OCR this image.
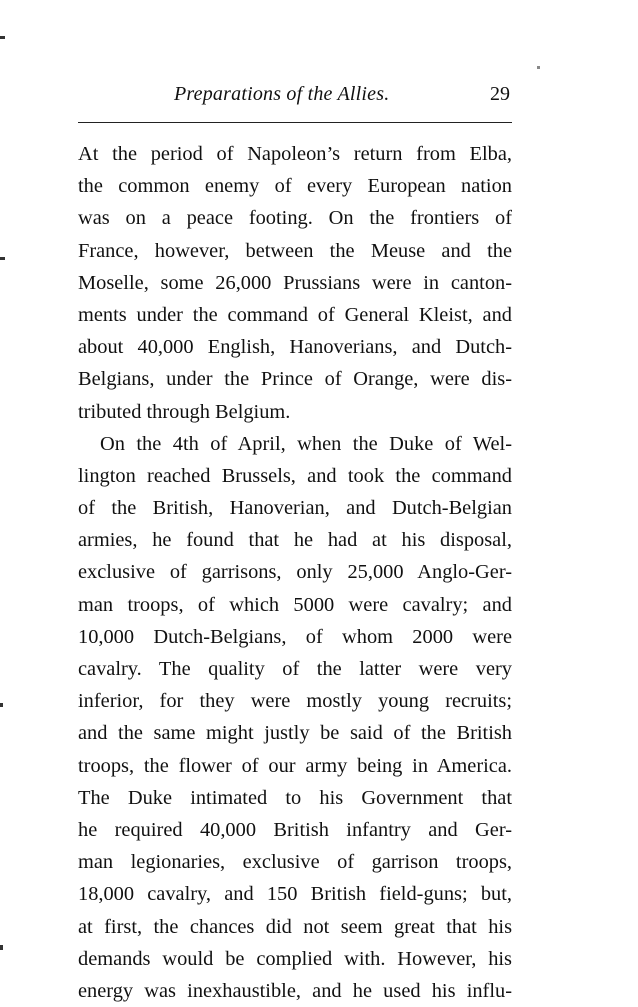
Preparations of the Allies.	29
At the period of Napoleon’s return from Elba,
the common enemy of every European nation
was on a peace footing. On the frontiers of
France, however, between the Meuse and the
Moselle, some 26,000 Prussians were in canton-
ments under the command of General Kleist, and
about 40,000 English, Hanoverians, and Dutch-
Belgians, under the Prince of Orange, were dis-
tributed through Belgium.
On the 4th of April, when the Duke of Wel-
lington reached Brussels, and took the command
of the British, Hanoverian, and Dutch-Belgian
armies, he found that he had at his disposal,
exclusive of garrisons, only 25,000 Anglo-Ger-
man troops, of which 5000 were cavalry; and
10,000 Dutch-Belgians, of whom 2000 were
cavalry. The quality of the latter were very
inferior, for they were mostly young recruits;
and the same might justly be said of the British
troops, the flower of our army being in America.
The Duke intimated to his Government that
he required 40,000 British infantry and Ger-
man legionaries, exclusive of garrison troops,
18,000 cavalry, and 150 British field-guns; but,
at first, the chances did not seem great that his
demands would be complied with. However, his
energy was inexhaustible, and he used his influ-
